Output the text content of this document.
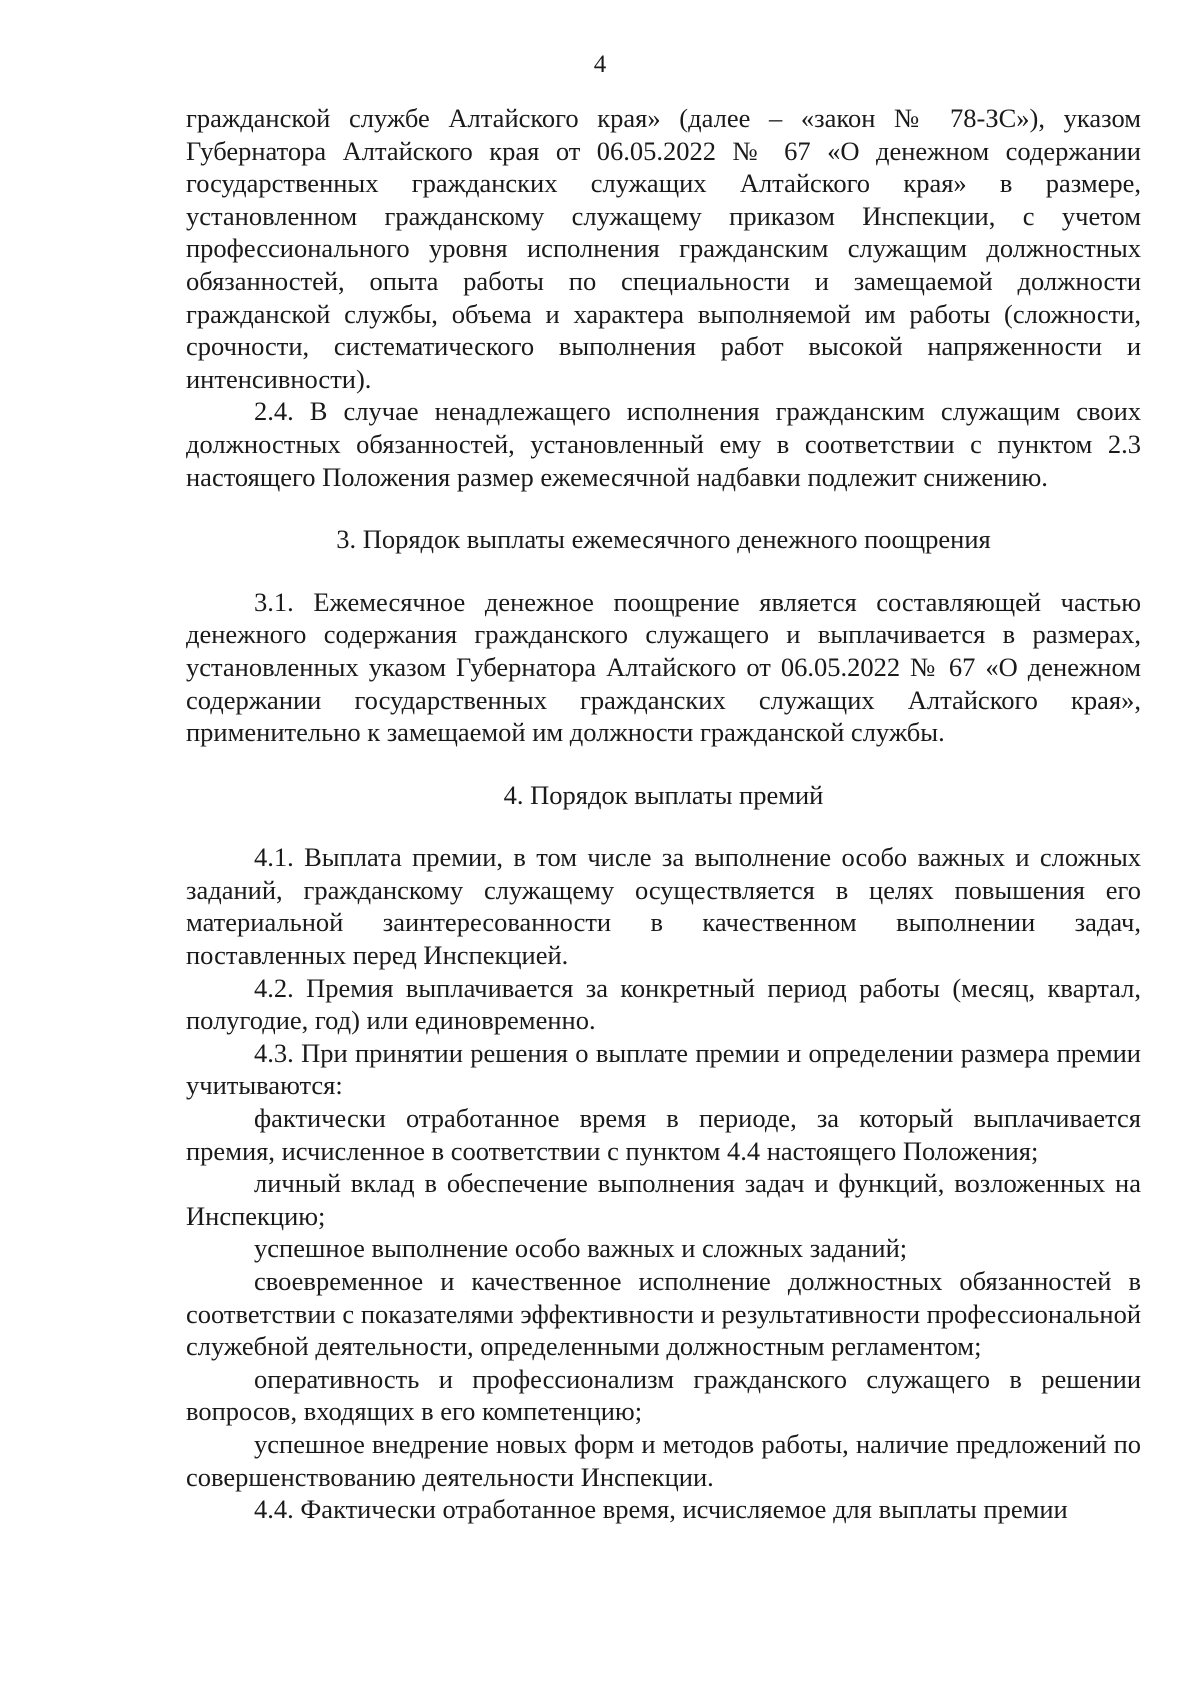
4

гражданской службе Алтайского края» (далее – «закон № 78-ЗС»), указом Губернатора Алтайского края от 06.05.2022 № 67 «О денежном содержании государственных гражданских служащих Алтайского края» в размере, установленном гражданскому служащему приказом Инспекции, с учетом профессионального уровня исполнения гражданским служащим должностных обязанностей, опыта работы по специальности и замещаемой должности гражданской службы, объема и характера выполняемой им работы (сложности, срочности, систематического выполнения работ высокой напряженности и интенсивности).

2.4. В случае ненадлежащего исполнения гражданским служащим своих должностных обязанностей, установленный ему в соответствии с пунктом 2.3 настоящего Положения размер ежемесячной надбавки подлежит снижению.

3. Порядок выплаты ежемесячного денежного поощрения

3.1. Ежемесячное денежное поощрение является составляющей частью денежного содержания гражданского служащего и выплачивается в размерах, установленных указом Губернатора Алтайского от 06.05.2022 № 67 «О денежном содержании государственных гражданских служащих Алтайского края», применительно к замещаемой им должности гражданской службы.

4. Порядок выплаты премий

4.1. Выплата премии, в том числе за выполнение особо важных и сложных заданий, гражданскому служащему осуществляется в целях повышения его материальной заинтересованности в качественном выполнении задач, поставленных перед Инспекцией.

4.2. Премия выплачивается за конкретный период работы (месяц, квартал, полугодие, год) или единовременно.

4.3. При принятии решения о выплате премии и определении размера премии учитываются:

фактически отработанное время в периоде, за который выплачивается премия, исчисленное в соответствии с пунктом 4.4 настоящего Положения;

личный вклад в обеспечение выполнения задач и функций, возложенных на Инспекцию;

успешное выполнение особо важных и сложных заданий;

своевременное и качественное исполнение должностных обязанностей в соответствии с показателями эффективности и результативности профессиональной служебной деятельности, определенными должностным регламентом;

оперативность и профессионализм гражданского служащего в решении вопросов, входящих в его компетенцию;

успешное внедрение новых форм и методов работы, наличие предложений по совершенствованию деятельности Инспекции.

4.4. Фактически отработанное время, исчисляемое для выплаты премии
